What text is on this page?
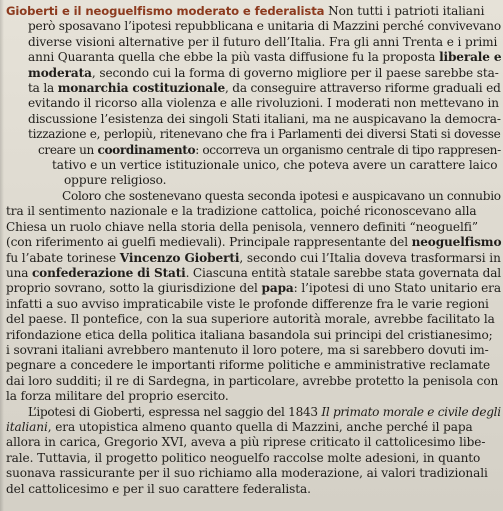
Gioberti e il neoguelfismo moderato e federalista Non tutti i patrioti italiani
però sposavano l’ipotesi repubblicana e unitaria di Mazzini perché convivevano
diverse visioni alternative per il futuro dell’Italia. Fra gli anni Trenta e i primi
anni Quaranta quella che ebbe la più vasta diffusione fu la proposta liberale e
moderata, secondo cui la forma di governo migliore per il paese sarebbe sta-
ta la monarchia costituzionale, da conseguire attraverso riforme graduali ed
evitando il ricorso alla violenza e alle rivoluzioni. I moderati non mettevano in
discussione l’esistenza dei singoli Stati italiani, ma ne auspicavano la democra-
tizzazione e, perlopiù, ritenevano che fra i Parlamenti dei diversi Stati si dovesse
creare un coordinamento: occorreva un organismo centrale di tipo rappresen-
tativo e un vertice istituzionale unico, che poteva avere un carattere laico
oppure religioso.
Coloro che sostenevano questa seconda ipotesi e auspicavano un connubio
tra il sentimento nazionale e la tradizione cattolica, poiché riconoscevano alla
Chiesa un ruolo chiave nella storia della penisola, vennero definiti “neoguelfi”
(con riferimento ai guelfi medievali). Principale rappresentante del neoguelfismo
fu l’abate torinese Vincenzo Gioberti, secondo cui l’Italia doveva trasformarsi in
una confederazione di Stati. Ciascuna entità statale sarebbe stata governata dal
proprio sovrano, sotto la giurisdizione del papa: l’ipotesi di uno Stato unitario era
infatti a suo avviso impraticabile viste le profonde differenze fra le varie regioni
del paese. Il pontefice, con la sua superiore autorità morale, avrebbe facilitato la
rifondazione etica della politica italiana basandola sui principi del cristianesimo;
i sovrani italiani avrebbero mantenuto il loro potere, ma si sarebbero dovuti im-
pegnare a concedere le importanti riforme politiche e amministrative reclamate
dai loro sudditi; il re di Sardegna, in particolare, avrebbe protetto la penisola con
la forza militare del proprio esercito.
L’ipotesi di Gioberti, espressa nel saggio del 1843 Il primato morale e civile degli
italiani, era utopistica almeno quanto quella di Mazzini, anche perché il papa
allora in carica, Gregorio XVI, aveva a più riprese criticato il cattolicesimo libe-
rale. Tuttavia, il progetto politico neoguelfo raccolse molte adesioni, in quanto
suonava rassicurante per il suo richiamo alla moderazione, ai valori tradizionali
del cattolicesimo e per il suo carattere federalista.
